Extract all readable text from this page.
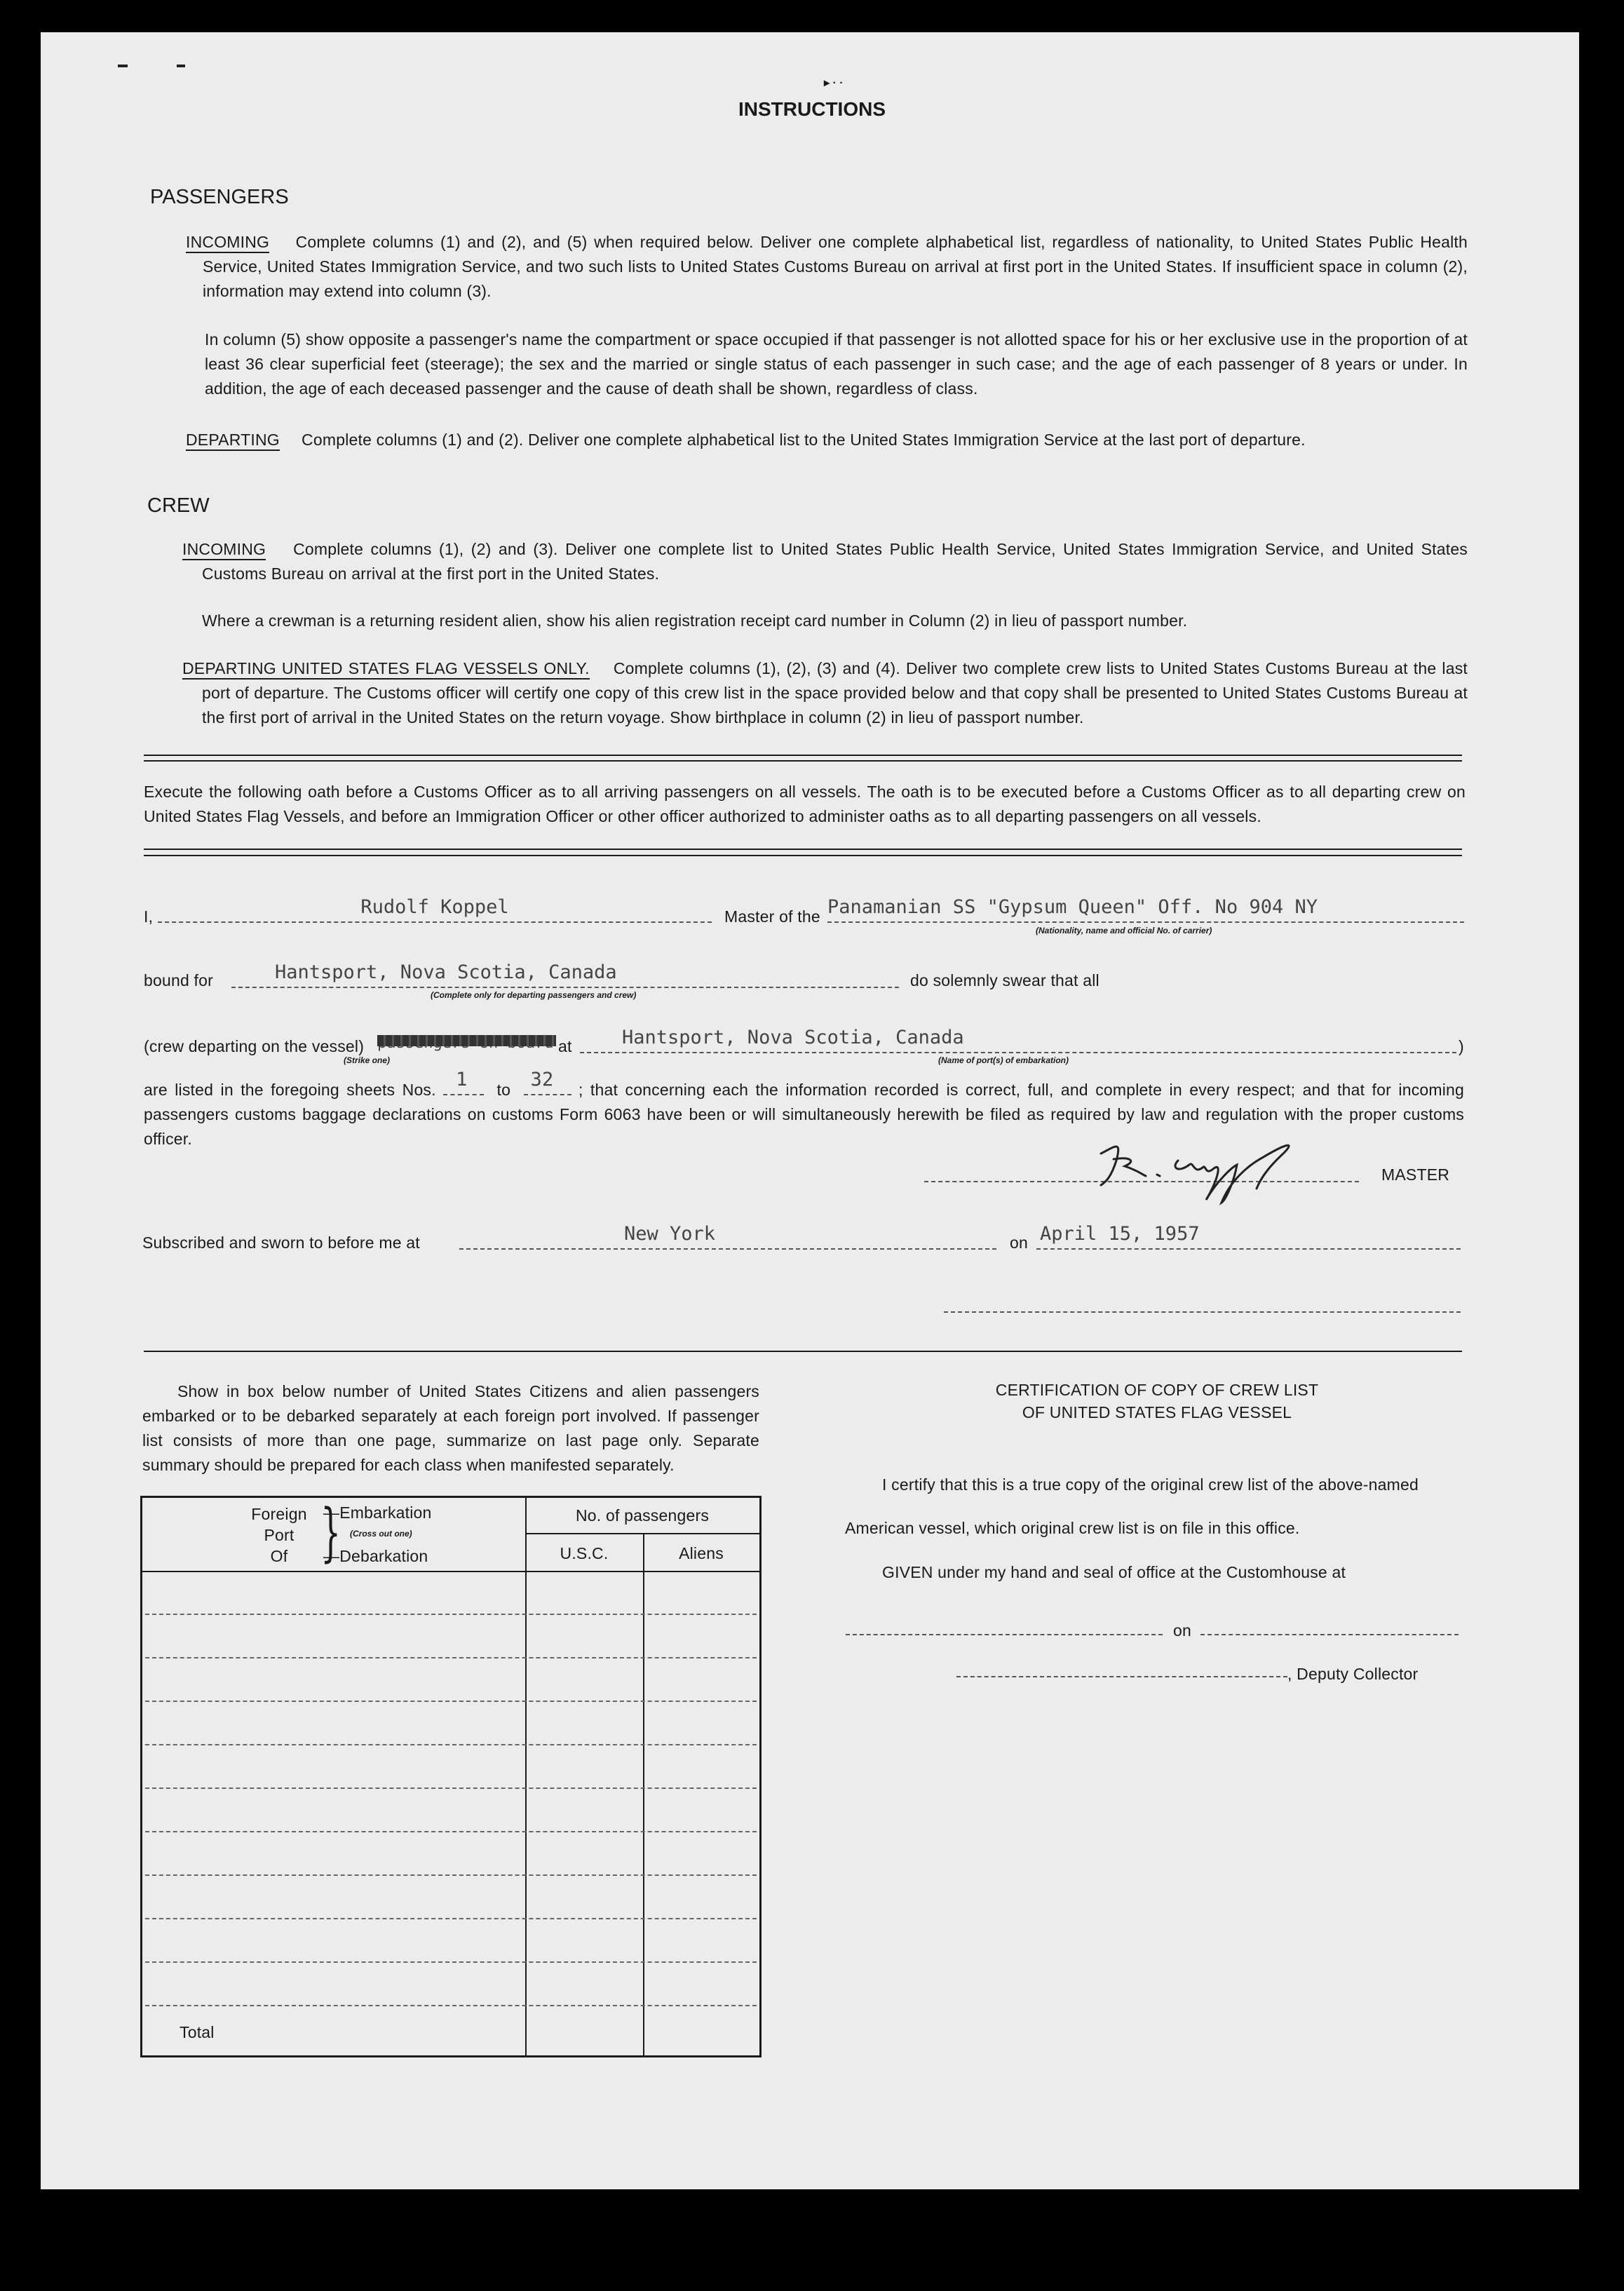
▸ · ·
INSTRUCTIONS
PASSENGERS
INCOMING Complete columns (1) and (2), and (5) when required below. Deliver one complete alphabetical list, regardless of nationality, to United States Public Health Service, United States Immigration Service, and two such lists to United States Customs Bureau on arrival at first port in the United States. If insufficient space in column (2), information may extend into column (3).
In column (5) show opposite a passenger's name the compartment or space occupied if that passenger is not allotted space for his or her exclusive use in the proportion of at least 36 clear superficial feet (steerage); the sex and the married or single status of each passenger in such case; and the age of each passenger of 8 years or under. In addition, the age of each deceased passenger and the cause of death shall be shown, regardless of class.
DEPARTING Complete columns (1) and (2). Deliver one complete alphabetical list to the United States Immigration Service at the last port of departure.
CREW
INCOMING Complete columns (1), (2) and (3). Deliver one complete list to United States Public Health Service, United States Immigration Service, and United States Customs Bureau on arrival at the first port in the United States.
Where a crewman is a returning resident alien, show his alien registration receipt card number in Column (2) in lieu of passport number.
DEPARTING UNITED STATES FLAG VESSELS ONLY. Complete columns (1), (2), (3) and (4). Deliver two complete crew lists to United States Customs Bureau at the last port of departure. The Customs officer will certify one copy of this crew list in the space provided below and that copy shall be presented to United States Customs Bureau at the first port of arrival in the United States on the return voyage. Show birthplace in column (2) in lieu of passport number.
Execute the following oath before a Customs Officer as to all arriving passengers on all vessels. The oath is to be executed before a Customs Officer as to all departing crew on United States Flag Vessels, and before an Immigration Officer or other officer authorized to administer oaths as to all departing passengers on all vessels.
I,	Rudolf Koppel	Master of the Panamanian SS "Gypsum Queen" Off. No 904 NY
(Nationality, name and official No. of carrier)
bound for	Hantsport, Nova Scotia, Canada
(Complete only for departing passengers and crew)
do solemnly swear that all
(crew departing on the vessel)
(Strike one)
at	Hantsport, Nova Scotia, Canada
(Name of port(s) of embarkation)
)
are listed in the foregoing sheets Nos. 1 to 32 ; that concerning each the information recorded is correct, full, and complete in every respect; and that for incoming passengers customs baggage declarations on customs Form 6063 have been or will simultaneously herewith be filed as required by law and regulation with the proper customs officer.
MASTER
Subscribed and sworn to before me at	New York	on April 15, 1957
Show in box below number of United States Citizens and alien passengers embarked or to be debarked separately at each foreign port involved. If passenger list consists of more than one page, summarize on last page only. Separate summary should be prepared for each class when manifested separately.
Foreign
Port
Of }
—Embarkation
(Cross out one)
—Debarkation
No. of passengers
U.S.C.	Aliens
Total
CERTIFICATION OF COPY OF CREW LIST
OF UNITED STATES FLAG VESSEL
I certify that this is a true copy of the original crew list of the above-named
American vessel, which original crew list is on file in this office.
GIVEN under my hand and seal of office at the Customhouse at
on
, Deputy Collector
